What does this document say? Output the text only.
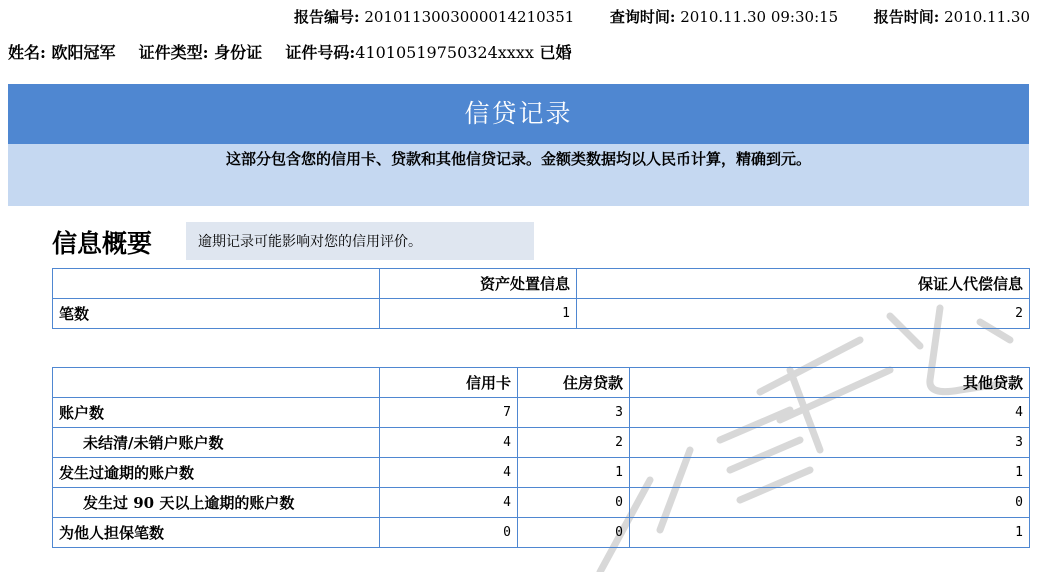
报告编号: 2010113003000014210351 查询时间: 2010.11.30 09:30:15 报告时间: 2010.11.30
姓名: 欧阳冠军 证件类型: 身份证 证件号码:41010519750324xxxx 已婚
信贷记录
这部分包含您的信用卡、贷款和其他信贷记录。金额类数据均以人民币计算，精确到元。
信息概要	逾期记录可能影响对您的信用评价。
	资产处置信息	保证人代偿信息
笔数	1	2
	信用卡	住房贷款	其他贷款
账户数	7	3	4
未结清/未销户账户数	4	2	3
发生过逾期的账户数	4	1	1
发生过 90 天以上逾期的账户数	4	0	0
为他人担保笔数	0	0	1
